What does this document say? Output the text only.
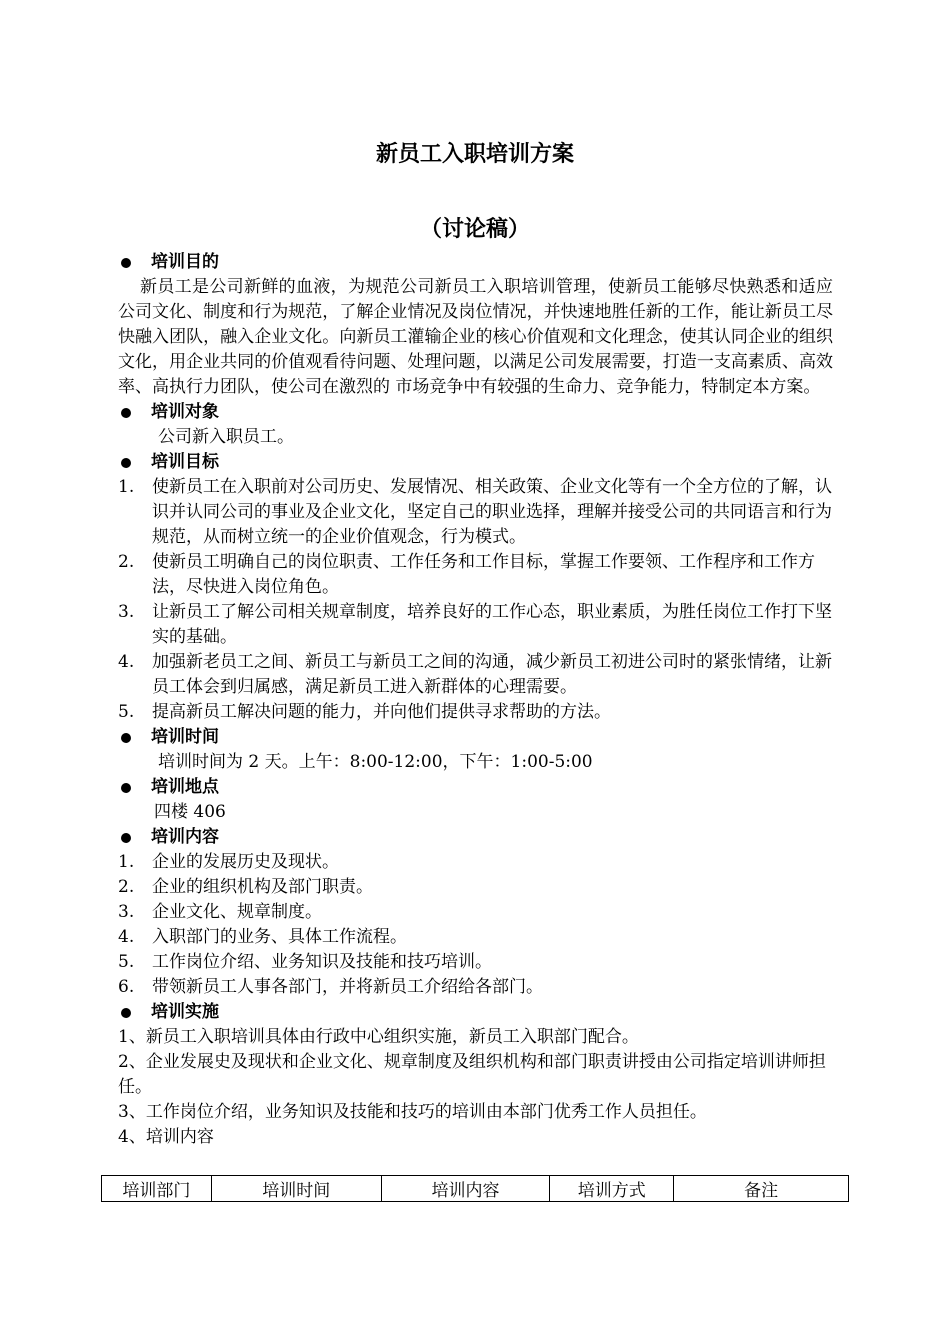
新员工入职培训方案
（讨论稿）
培训目的

新员工是公司新鲜的血液，为规范公司新员工入职培训管理，使新员工能够尽快熟悉和适应公司文化、制度和行为规范，了解企业情况及岗位情况，并快速地胜任新的工作，能让新员工尽快融入团队，融入企业文化。向新员工灌输企业的核心价值观和文化理念，使其认同企业的组织文化，用企业共同的价值观看待问题、处理问题，以满足公司发展需要，打造一支高素质、高效率、高执行力团队，使公司在激烈的 市场竞争中有较强的生命力、竞争能力，特制定本方案。

培训对象

公司新入职员工。

培训目标
1.	使新员工在入职前对公司历史、发展情况、相关政策、企业文化等有一个全方位的了解，认识并认同公司的事业及企业文化，坚定自己的职业选择，理解并接受公司的共同语言和行为规范，从而树立统一的企业价值观念，行为模式。
2.	使新员工明确自己的岗位职责、工作任务和工作目标，掌握工作要领、工作程序和工作方法，尽快进入岗位角色。
3.	让新员工了解公司相关规章制度，培养良好的工作心态，职业素质，为胜任岗位工作打下坚实的基础。
4.	加强新老员工之间、新员工与新员工之间的沟通，减少新员工初进公司时的紧张情绪，让新员工体会到归属感，满足新员工进入新群体的心理需要。
5.	提高新员工解决问题的能力，并向他们提供寻求帮助的方法。
培训时间

培训时间为 2 天。上午：8:00-12:00，下午：1:00-5:00

培训地点

四楼 406

培训内容
1.	企业的发展历史及现状。
2.	企业的组织机构及部门职责。
3.	企业文化、规章制度。
4.	入职部门的业务、具体工作流程。
5.	工作岗位介绍、业务知识及技能和技巧培训。
6.	带领新员工人事各部门，并将新员工介绍给各部门。
培训实施

1、新员工入职培训具体由行政中心组织实施，新员工入职部门配合。

2、企业发展史及现状和企业文化、规章制度及组织机构和部门职责讲授由公司指定培训讲师担任。

3、工作岗位介绍，业务知识及技能和技巧的培训由本部门优秀工作人员担任。

4、培训内容

培训部门	培训时间	培训内容	培训方式	备注
